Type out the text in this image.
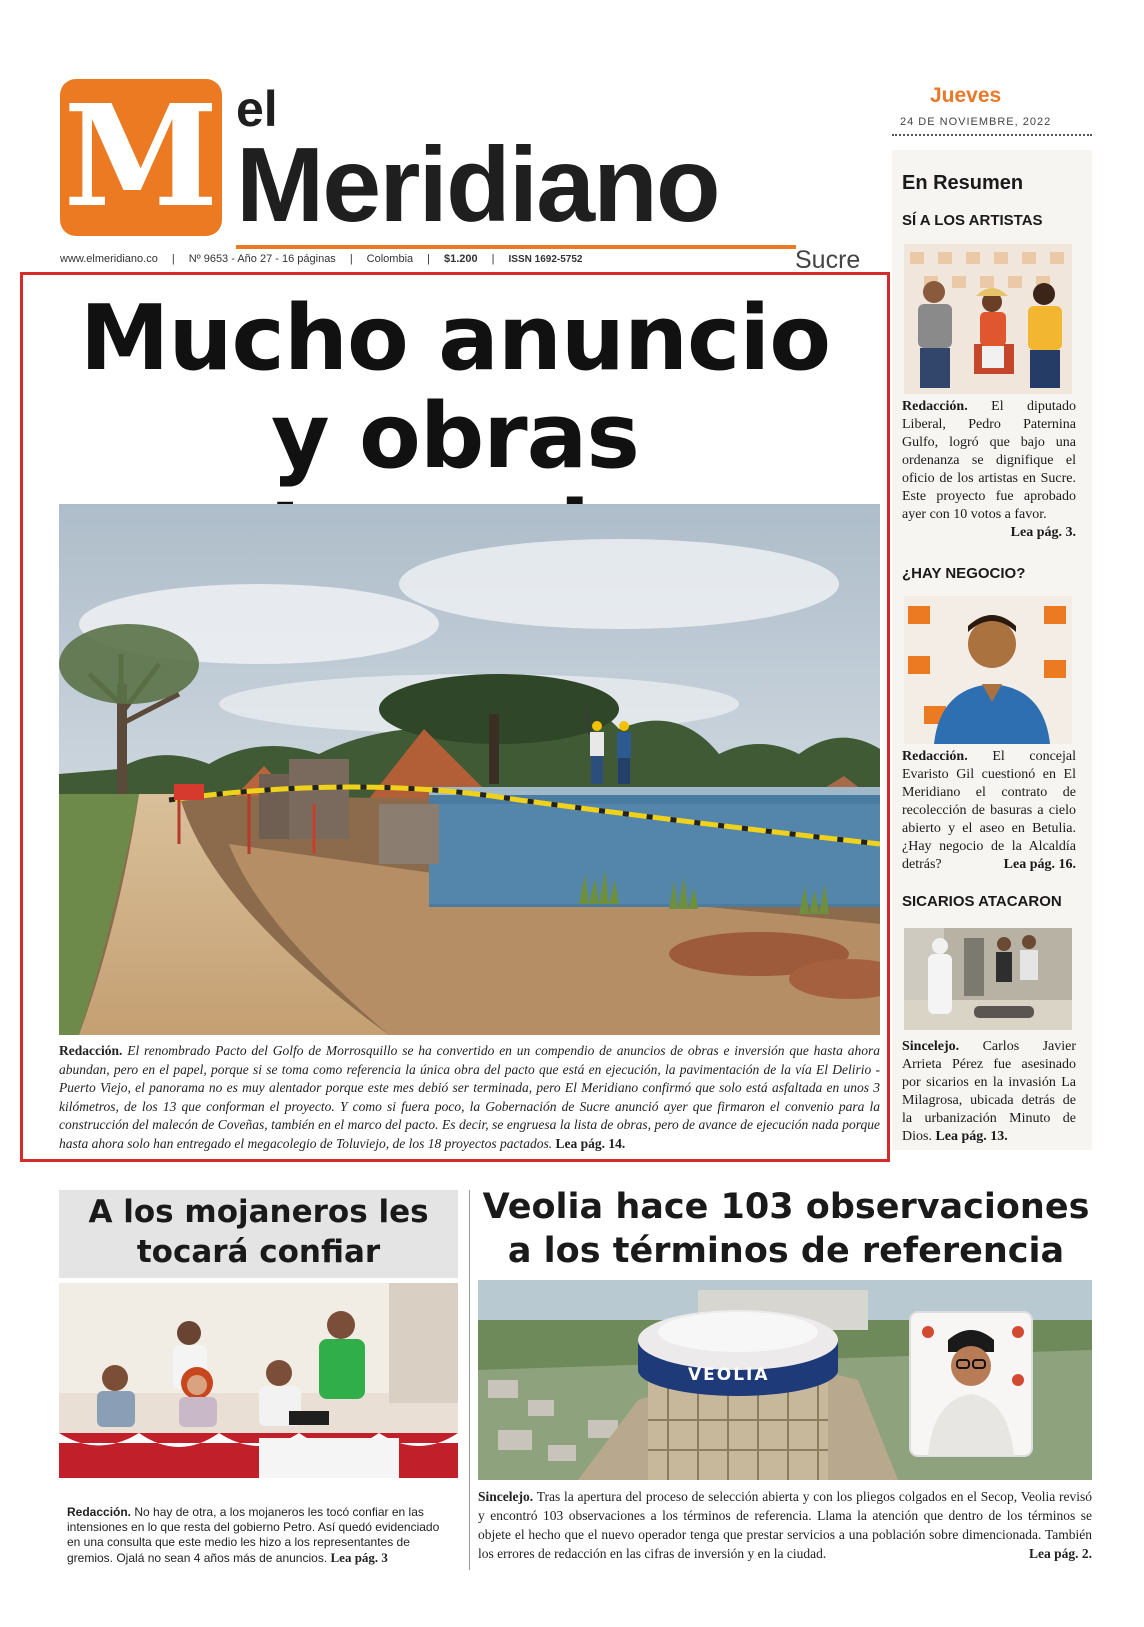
M el
Meridiano
Sucre
www.elmeridiano.co | Nº 9653 - Año 27 - 16 páginas | Colombia | $1.200 | ISSN 1692-5752
Jueves
24 DE NOVIEMBRE, 2022
En Resumen
SÍ A LOS ARTISTAS
Redacción. El diputado Liberal, Pedro Paternina Gulfo, logró que bajo una ordenanza se dignifique el oficio de los artistas en Sucre. Este proyecto fue aprobado ayer con 10 votos a favor.
Lea pág. 3.
¿HAY NEGOCIO?
Redacción. El concejal Evaristo Gil cuestionó en El Meridiano el contrato de recolección de basuras a cielo abierto y el aseo en Betulia. ¿Hay negocio de la Alcaldía detrás?	Lea pág. 16.
SICARIOS ATACARON
Sincelejo. Carlos Javier Arrieta Pérez fue asesinado por sicarios en la invasión La Milagrosa, ubicada detrás de la urbanización Minuto de Dios. Lea pág. 13.
Mucho anuncio y obras
Redacción. El renombrado Pacto del Golfo de Morrosquillo se ha convertido en un compendio de anuncios de obras e inversión que hasta ahora abundan, pero en el papel, porque si se toma como referencia la única obra del pacto que está en ejecución, la pavimentación de la vía El Delirio - Puerto Viejo, el panorama no es muy alentador porque este mes debió ser terminada, pero El Meridiano confirmó que solo está asfaltada en unos 3 kilómetros, de los 13 que conforman el proyecto. Y como si fuera poco, la Gobernación de Sucre anunció ayer que firmaron el convenio para la construcción del malecón de Coveñas, también en el marco del pacto. Es decir, se engruesa la lista de obras, pero de avance de ejecución nada porque hasta ahora solo han entregado el megacolegio de Toluviejo, de los 18 proyectos pactados. Lea pág. 14.
A los mojaneros les tocará confiar
Redacción. No hay de otra, a los mojaneros les tocó confiar en las intensiones en lo que resta del gobierno Petro. Así quedó evidenciado en una consulta que este medio les hizo a los representantes de gremios. Ojalá no sean 4 años más de anuncios. Lea pág. 3
Veolia hace 103 observaciones a los términos de referencia
VEOLIA
Sincelejo. Tras la apertura del proceso de selección abierta y con los pliegos colgados en el Secop, Veolia revisó y encontró 103 observaciones a los términos de referencia. Llama la atención que dentro de los términos se objete el hecho que el nuevo operador tenga que prestar servicios a una población sobre dimencionada. También los errores de redacción en las cifras de inversión y en la ciudad.	Lea pág. 2.
